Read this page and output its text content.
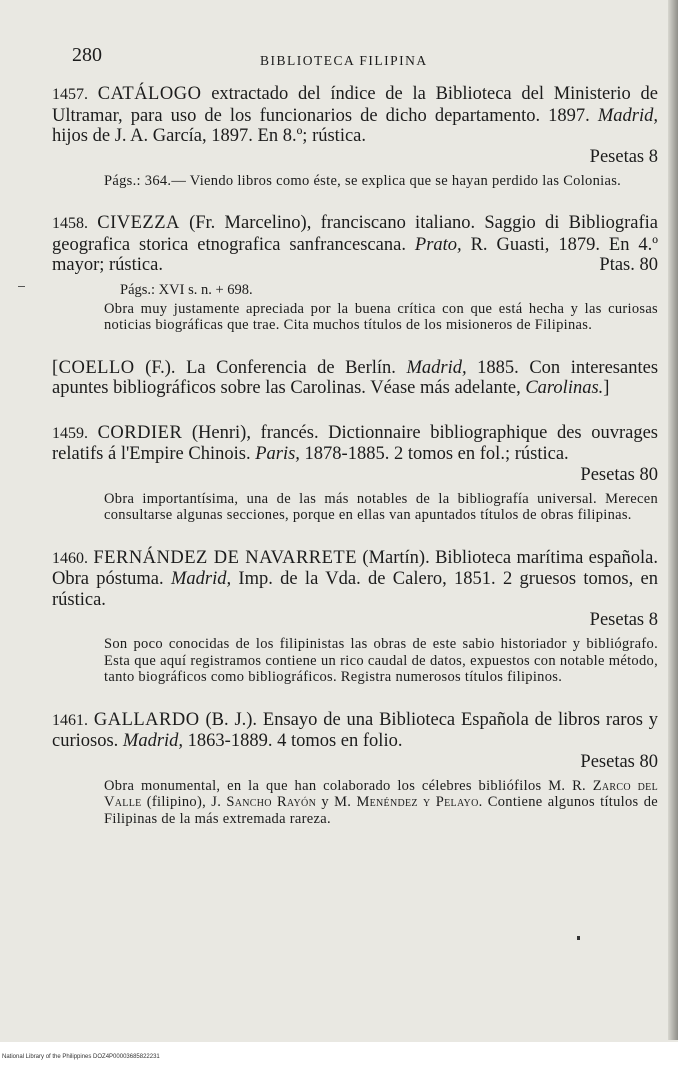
280	BIBLIOTECA FILIPINA
1457. CATÁLOGO extractado del índice de la Biblioteca del Ministerio de Ultramar, para uso de los funcionarios de dicho departamento. 1897. Madrid, hijos de J. A. García, 1897. En 8.º; rústica.
Pesetas 8
Págs.: 364.— Viendo libros como éste, se explica que se hayan perdido las Colonias.
1458. CIVEZZA (Fr. Marcelino), franciscano italiano. Saggio di Bibliografia geografica storica etnografica sanfrancescana. Prato, R. Guasti, 1879. En 4.º mayor; rústica.	Ptas. 80
Págs.: XVI s. n. + 698.
Obra muy justamente apreciada por la buena crítica con que está hecha y las curiosas noticias biográficas que trae. Cita muchos títulos de los misioneros de Filipinas.
[COELLO (F.). La Conferencia de Berlín. Madrid, 1885. Con interesantes apuntes bibliográficos sobre las Carolinas. Véase más adelante, Carolinas.]
1459. CORDIER (Henri), francés. Dictionnaire bibliographique des ouvrages relatifs á l'Empire Chinois. Paris, 1878-1885. 2 tomos en fol.; rústica.
Pesetas 80
Obra importantísima, una de las más notables de la bibliografía universal. Merecen consultarse algunas secciones, porque en ellas van apuntados títulos de obras filipinas.
1460. FERNÁNDEZ DE NAVARRETE (Martín). Biblioteca marítima española. Obra póstuma. Madrid, Imp. de la Vda. de Calero, 1851. 2 gruesos tomos, en rústica.
Pesetas 8
Son poco conocidas de los filipinistas las obras de este sabio historiador y bibliógrafo. Esta que aquí registramos contiene un rico caudal de datos, expuestos con notable método, tanto biográficos como bibliográficos. Registra numerosos títulos filipinos.
1461. GALLARDO (B. J.). Ensayo de una Biblioteca Española de libros raros y curiosos. Madrid, 1863-1889. 4 tomos en folio.
Pesetas 80
Obra monumental, en la que han colaborado los célebres bibliófilos M. R. Zarco del Valle (filipino), J. Sancho Rayón y M. Menéndez y Pelayo. Contiene algunos títulos de Filipinas de la más extremada rareza.
National Library of the Philippines DOZ4P00003685822231
